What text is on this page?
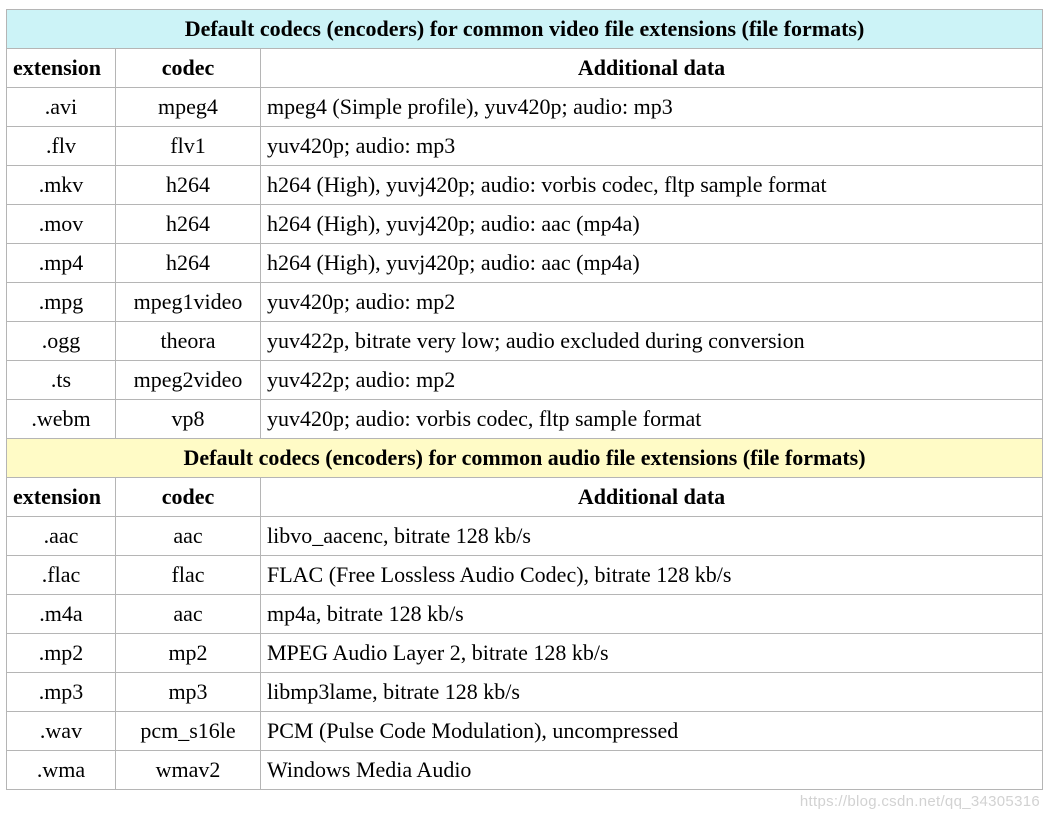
Default codecs (encoders) for common video file extensions (file formats)		
extension	codec	Additional data
.avi	mpeg4	mpeg4 (Simple profile), yuv420p; audio: mp3
.flv	flv1	yuv420p; audio: mp3
.mkv	h264	h264 (High), yuvj420p; audio: vorbis codec, fltp sample format
.mov	h264	h264 (High), yuvj420p; audio: aac (mp4a)
.mp4	h264	h264 (High), yuvj420p; audio: aac (mp4a)
.mpg	mpeg1video	yuv420p; audio: mp2
.ogg	theora	yuv422p, bitrate very low; audio excluded during conversion
.ts	mpeg2video	yuv422p; audio: mp2
.webm	vp8	yuv420p; audio: vorbis codec, fltp sample format
Default codecs (encoders) for common audio file extensions (file formats)		
extension	codec	Additional data
.aac	aac	libvo_aacenc, bitrate 128 kb/s
.flac	flac	FLAC (Free Lossless Audio Codec), bitrate 128 kb/s
.m4a	aac	mp4a, bitrate 128 kb/s
.mp2	mp2	MPEG Audio Layer 2, bitrate 128 kb/s
.mp3	mp3	libmp3lame, bitrate 128 kb/s
.wav	pcm_s16le	PCM (Pulse Code Modulation), uncompressed
.wma	wmav2	Windows Media Audio
https://blog.csdn.net/qq_34305316
